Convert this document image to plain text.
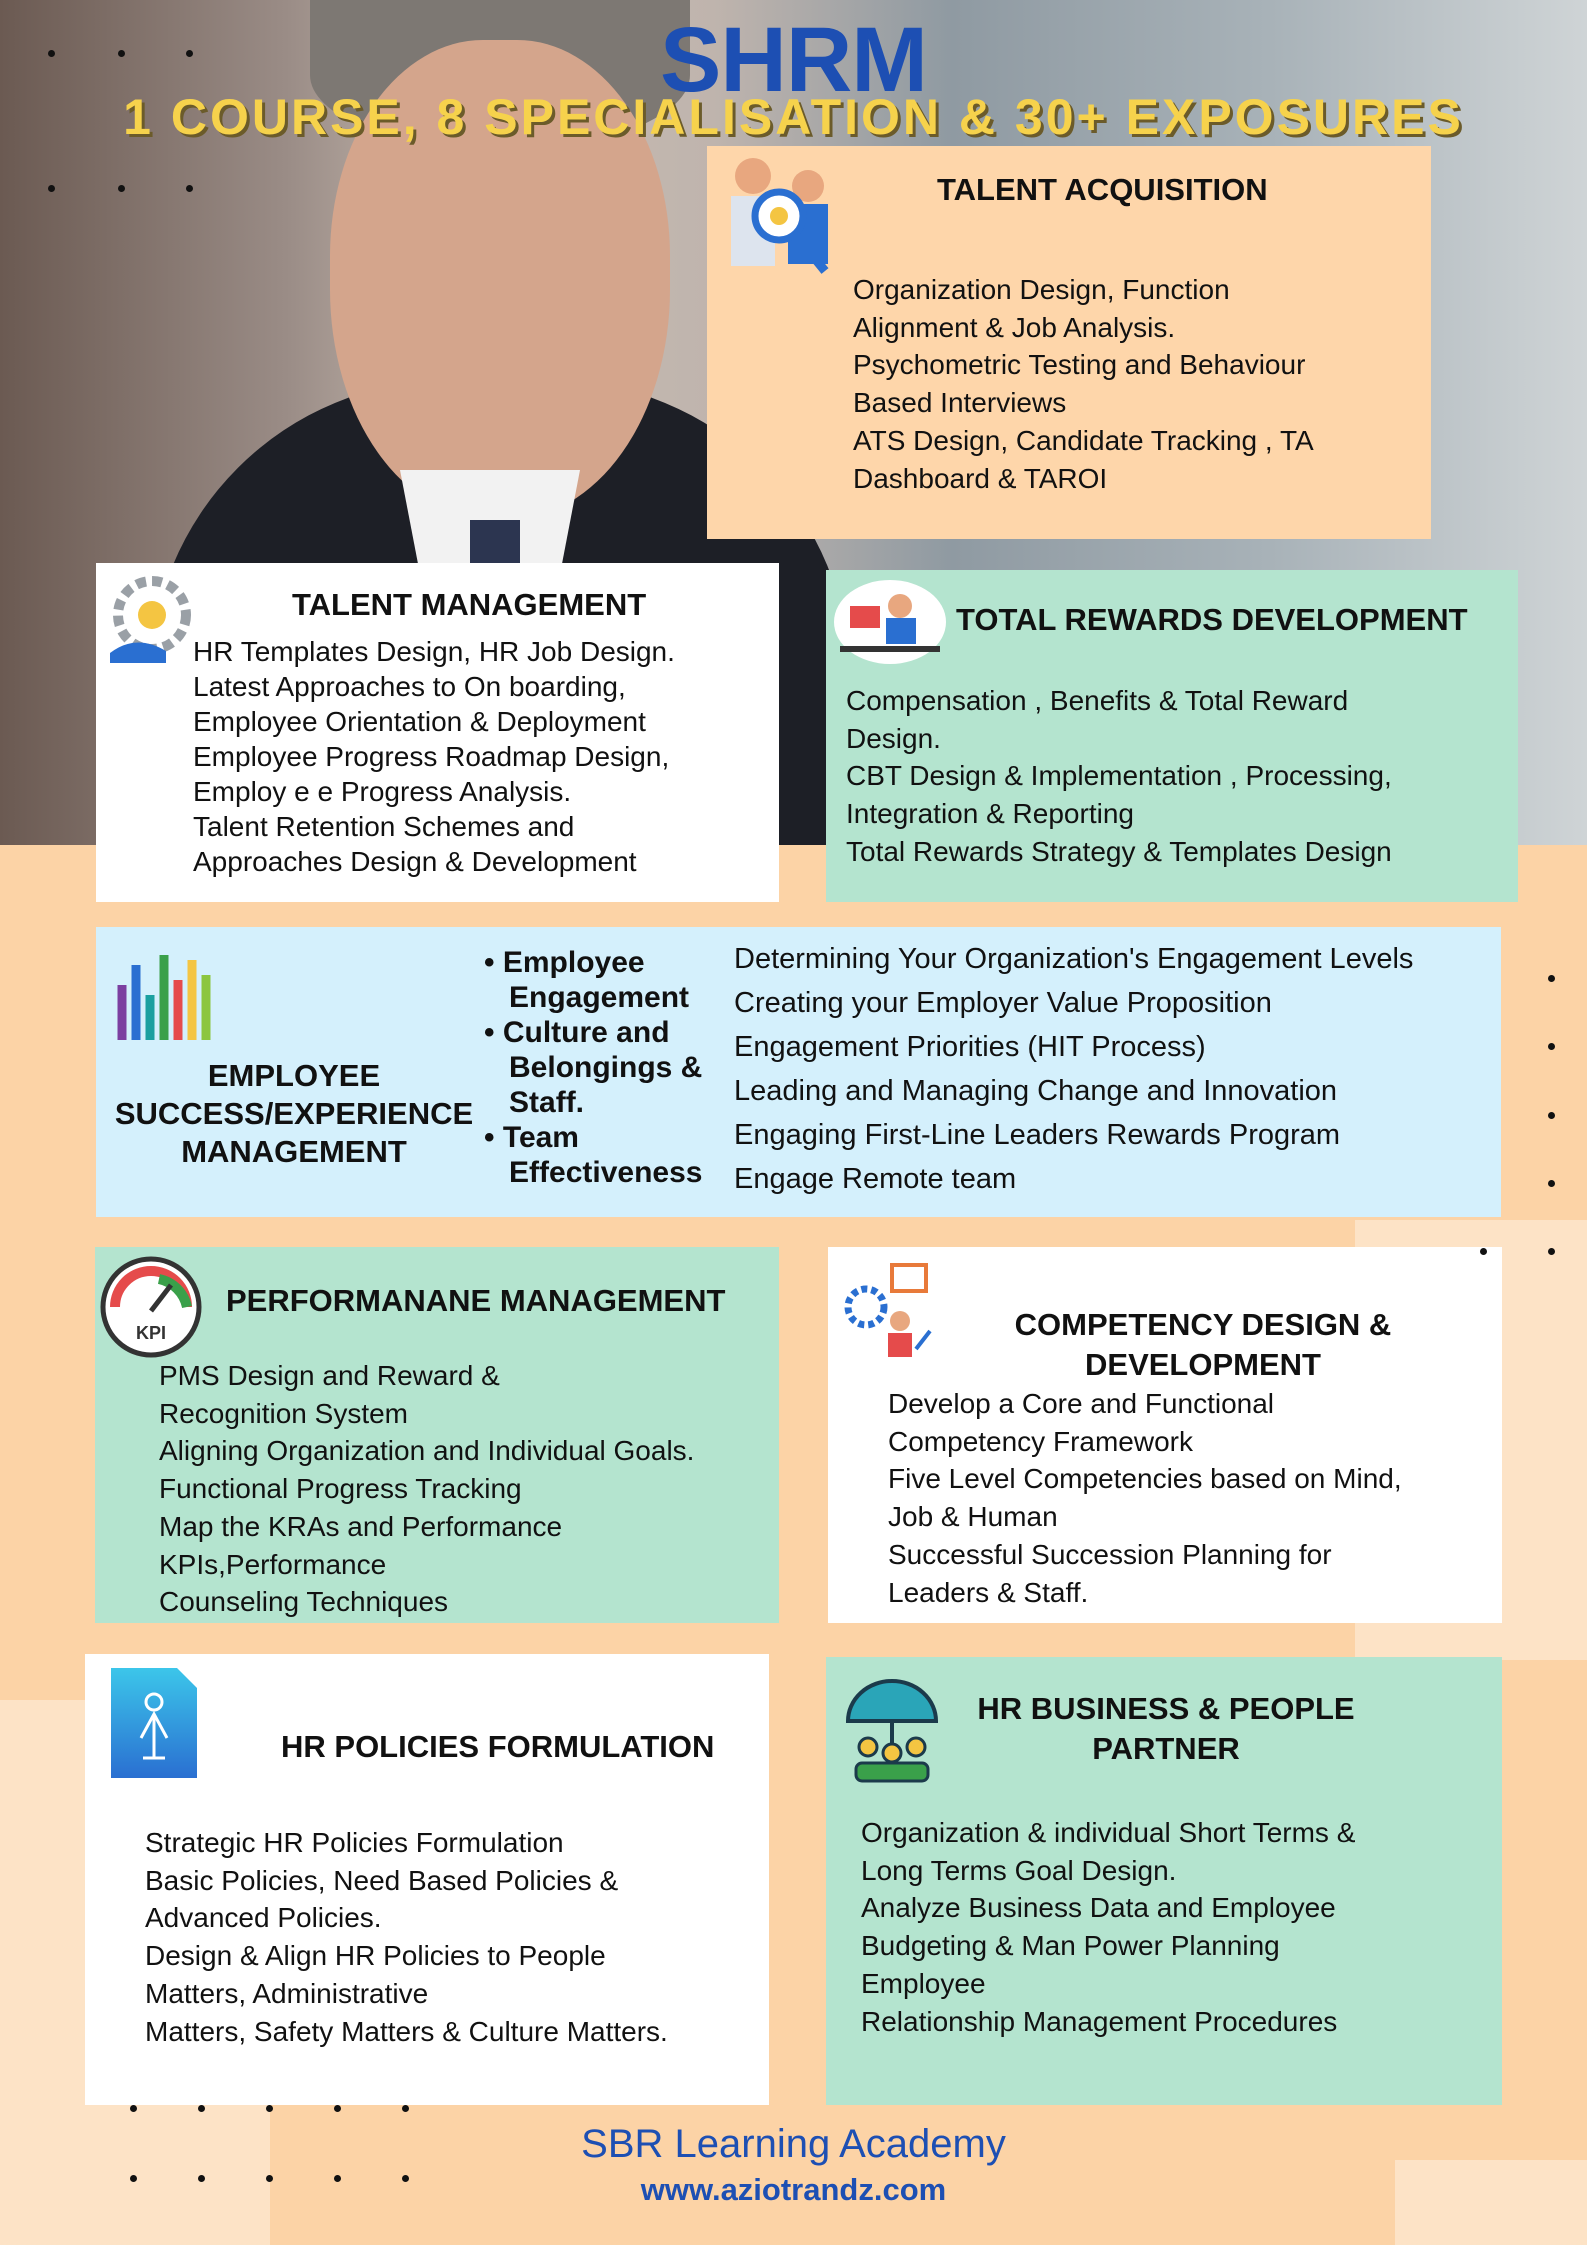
SHRM
1 COURSE, 8 SPECIALISATION & 30+ EXPOSURES
TALENT ACQUISITION
Organization Design, Function
Alignment & Job Analysis.
Psychometric Testing and Behaviour
Based Interviews
ATS Design, Candidate Tracking , TA
Dashboard & TAROI
TALENT MANAGEMENT
HR Templates Design, HR Job Design.
Latest Approaches to On boarding,
Employee Orientation & Deployment
Employee Progress Roadmap Design,
Employ e e Progress Analysis.
Talent Retention Schemes and
Approaches Design & Development
TOTAL REWARDS DEVELOPMENT
Compensation , Benefits & Total Reward
Design.
CBT Design & Implementation , Processing,
Integration & Reporting
Total Rewards Strategy & Templates Design
EMPLOYEE
SUCCESS/EXPERIENCE
MANAGEMENT
• Employee
Engagement
• Culture and
Belongings &
Staff.
• Team
Effectiveness
Determining Your Organization's Engagement Levels
Creating your Employer Value Proposition
Engagement Priorities (HIT Process)
Leading and Managing Change and Innovation
Engaging First-Line Leaders Rewards Program
Engage Remote team
KPI
PERFORMANANE MANAGEMENT
PMS Design and Reward &
Recognition System
Aligning Organization and Individual Goals.
Functional Progress Tracking
Map the KRAs and Performance
KPIs,Performance
Counseling Techniques
COMPETENCY DESIGN &
DEVELOPMENT
Develop a Core and Functional
Competency Framework
Five Level Competencies based on Mind,
Job & Human
Successful Succession Planning for
Leaders & Staff.
HR POLICIES FORMULATION
Strategic HR Policies Formulation
Basic Policies, Need Based Policies &
Advanced Policies.
Design & Align HR Policies to People
Matters, Administrative
Matters, Safety Matters & Culture Matters.
HR BUSINESS & PEOPLE
PARTNER
Organization & individual Short Terms &
Long Terms Goal Design.
Analyze Business Data and Employee
Budgeting & Man Power Planning
Employee
Relationship Management Procedures
SBR Learning Academy
www.aziotrandz.com
